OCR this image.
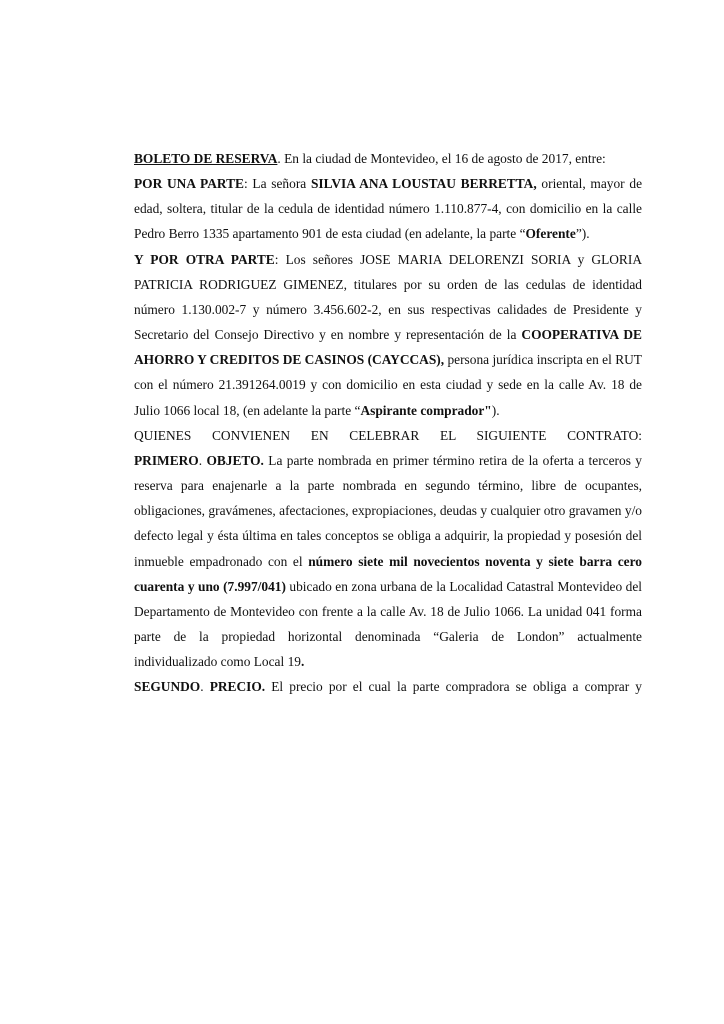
BOLETO DE RESERVA. En la ciudad de Montevideo, el 16 de agosto de 2017, entre:

POR UNA PARTE: La señora SILVIA ANA LOUSTAU BERRETTA, oriental, mayor de edad, soltera, titular de la cedula de identidad número 1.110.877-4, con domicilio en la calle Pedro Berro 1335 apartamento 901 de esta ciudad (en adelante, la parte “Oferente”).

Y POR OTRA PARTE: Los señores JOSE MARIA DELORENZI SORIA y GLORIA PATRICIA RODRIGUEZ GIMENEZ, titulares por su orden de las cedulas de identidad número 1.130.002-7 y número 3.456.602-2, en sus respectivas calidades de Presidente y Secretario del Consejo Directivo y en nombre y representación de la COOPERATIVA DE AHORRO Y CREDITOS DE CASINOS (CAYCCAS), persona jurídica inscripta en el RUT con el número 21.391264.0019 y con domicilio en esta ciudad y sede en la calle Av. 18 de Julio 1066 local 18, (en adelante la parte “Aspirante comprador").

QUIENES CONVIENEN EN CELEBRAR EL SIGUIENTE CONTRATO:

PRIMERO. OBJETO. La parte nombrada en primer término retira de la oferta a terceros y reserva para enajenarle a la parte nombrada en segundo término, libre de ocupantes, obligaciones, gravámenes, afectaciones, expropiaciones, deudas y cualquier otro gravamen y/o defecto legal y ésta última en tales conceptos se obliga a adquirir, la propiedad y posesión del inmueble empadronado con el número siete mil novecientos noventa y siete barra cero cuarenta y uno (7.997/041) ubicado en zona urbana de la Localidad Catastral Montevideo del Departamento de Montevideo con frente a la calle Av. 18 de Julio 1066. La unidad 041 forma parte de la propiedad horizontal denominada “Galeria de London” actualmente individualizado como Local 19.

SEGUNDO. PRECIO. El precio por el cual la parte compradora se obliga a comprar y
